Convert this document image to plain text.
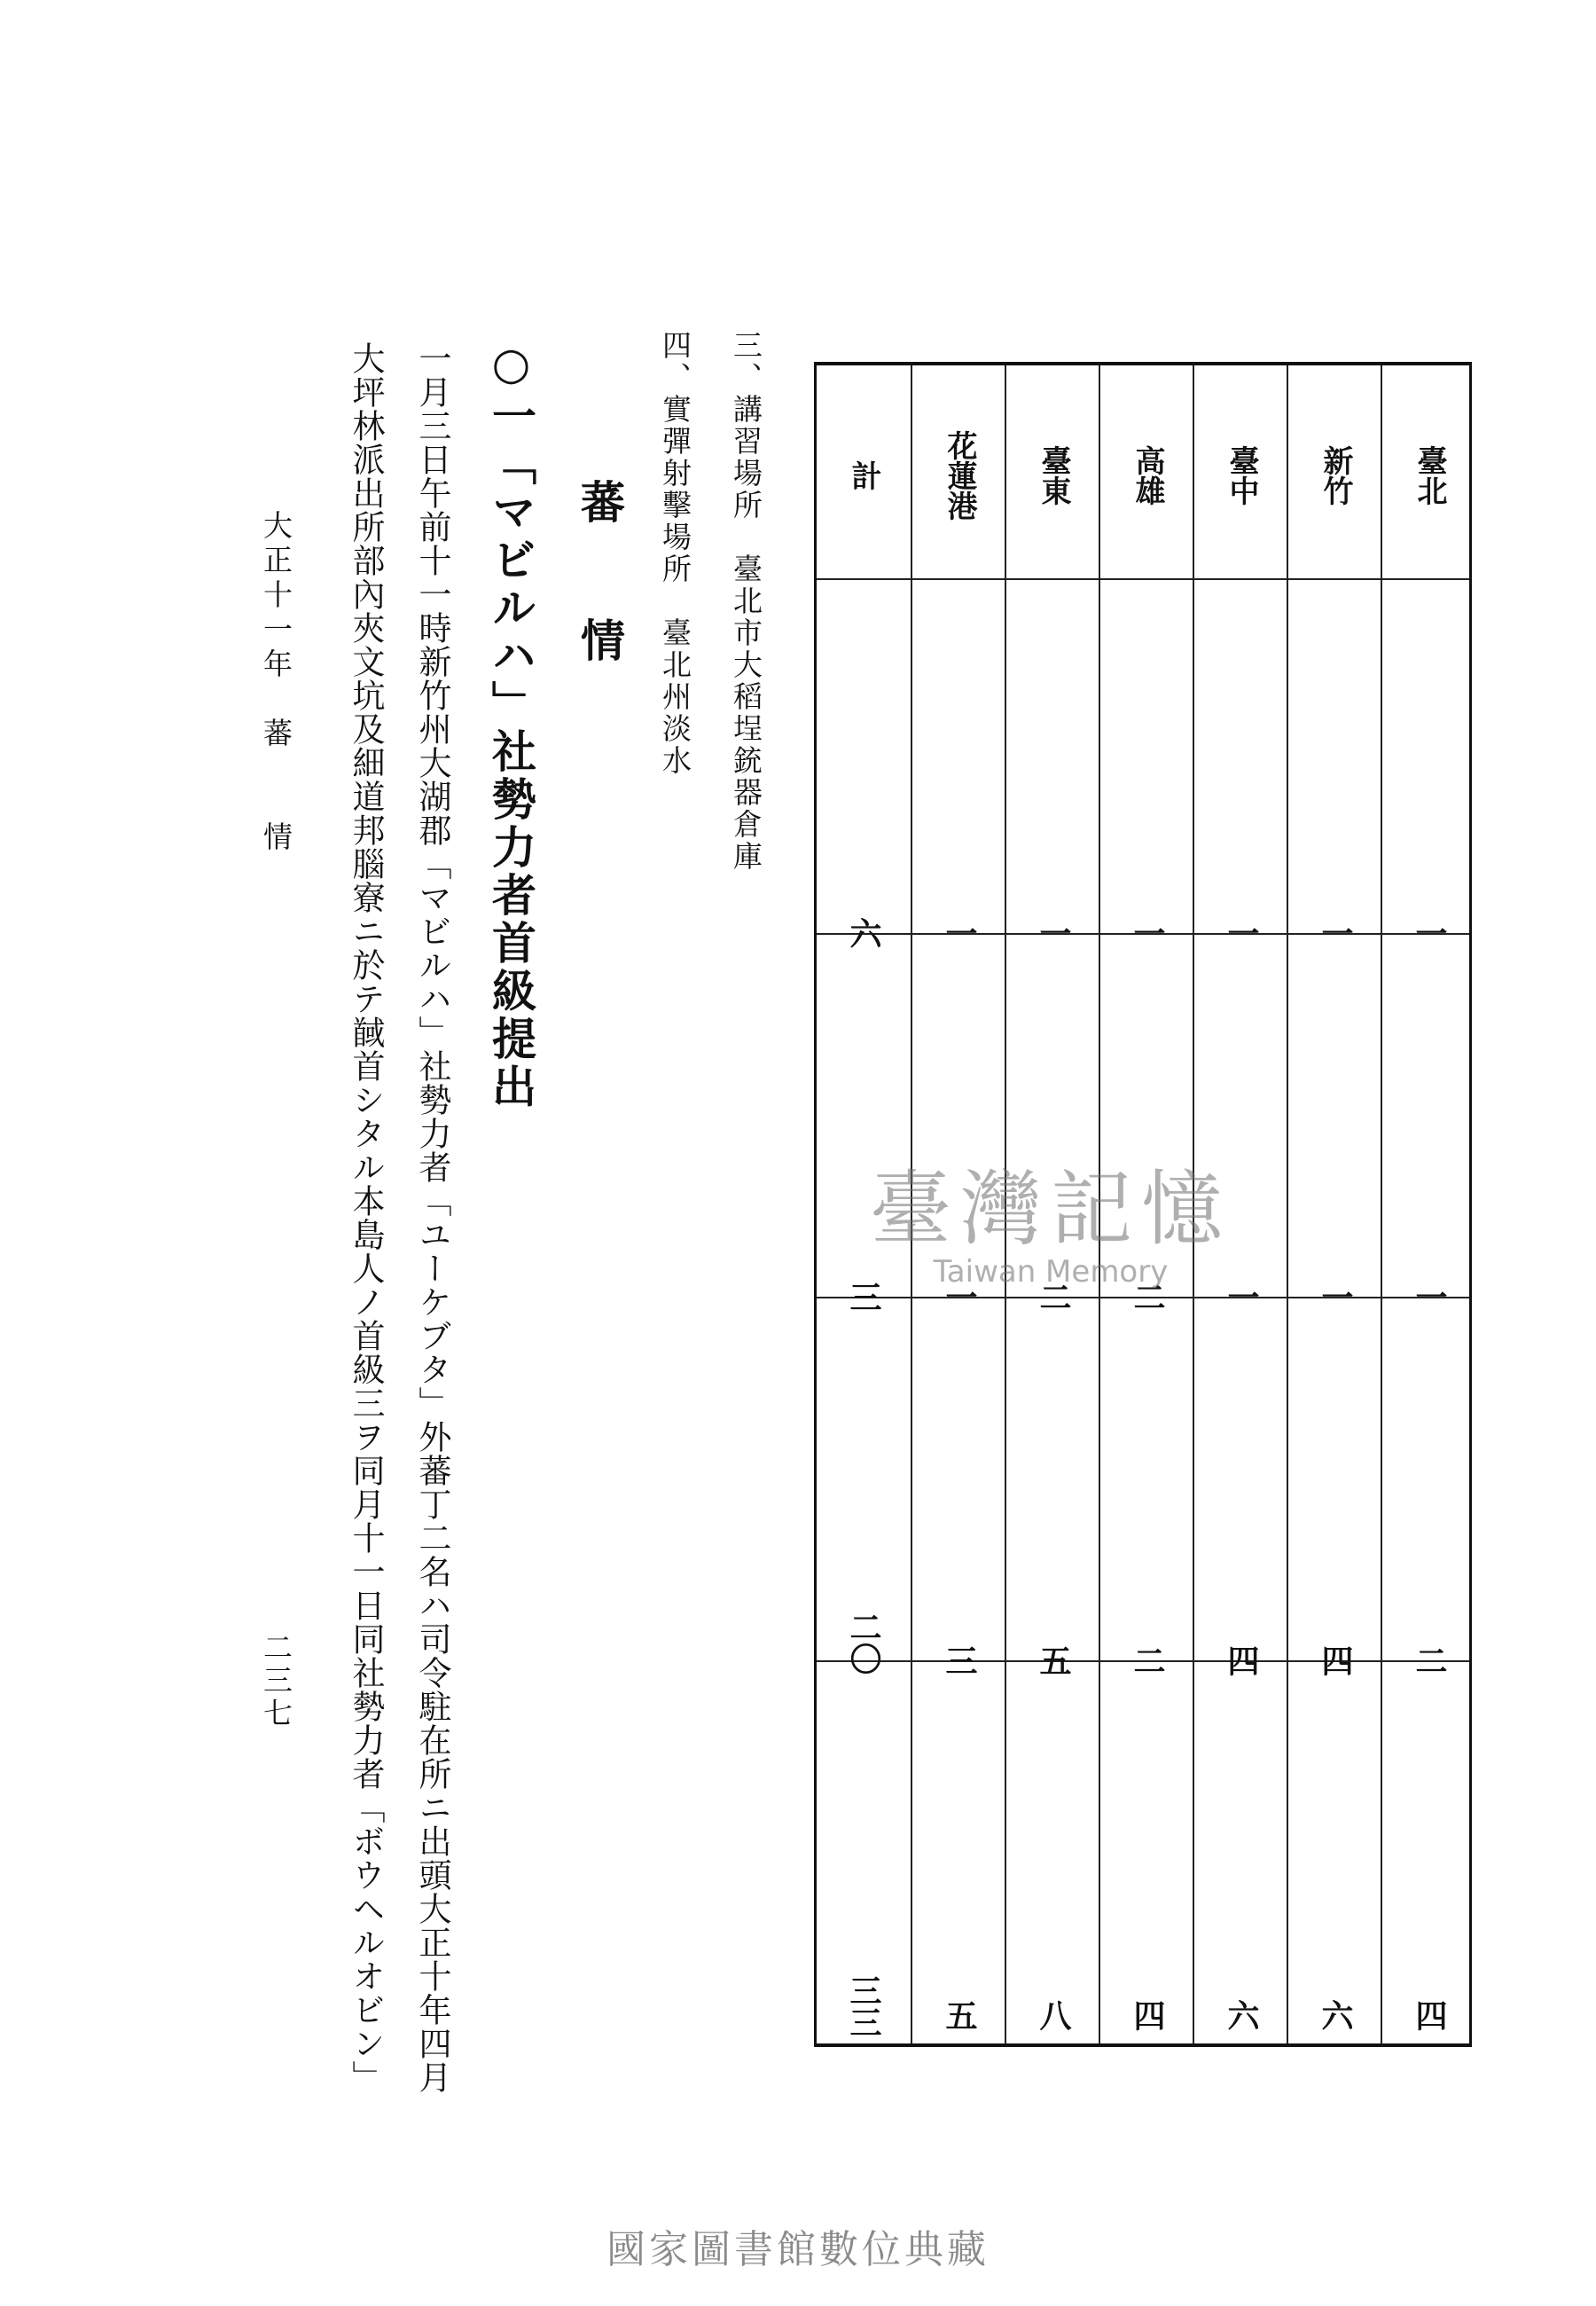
計
六
三
二〇
三三
花蓮港
一
一
三
五
臺東
一
二
五
八
高雄
一
二
二
四
臺中
一
一
四
六
新竹
一
一
四
六
臺北
一
一
二
四
三、講習場所　臺北市大稻埕銃器倉庫
四、實彈射擊場所　臺北州淡水
蕃　情
○一「マビルハ」社勢力者首級提出
一月三日午前十一時新竹州大湖郡「マビルハ」社勢力者「ユーケブタ」外蕃丁二名ハ司令駐在所ニ出頭大正十年四月
大坪林派出所部內夾文坑及細道邦腦寮ニ於テ馘首シタル本島人ノ首級三ヲ同月十一日同社勢力者「ボウヘルオビン」
大正十一年　蕃　　情
二三七
臺灣記憶
Taiwan Memory
國家圖書館數位典藏
